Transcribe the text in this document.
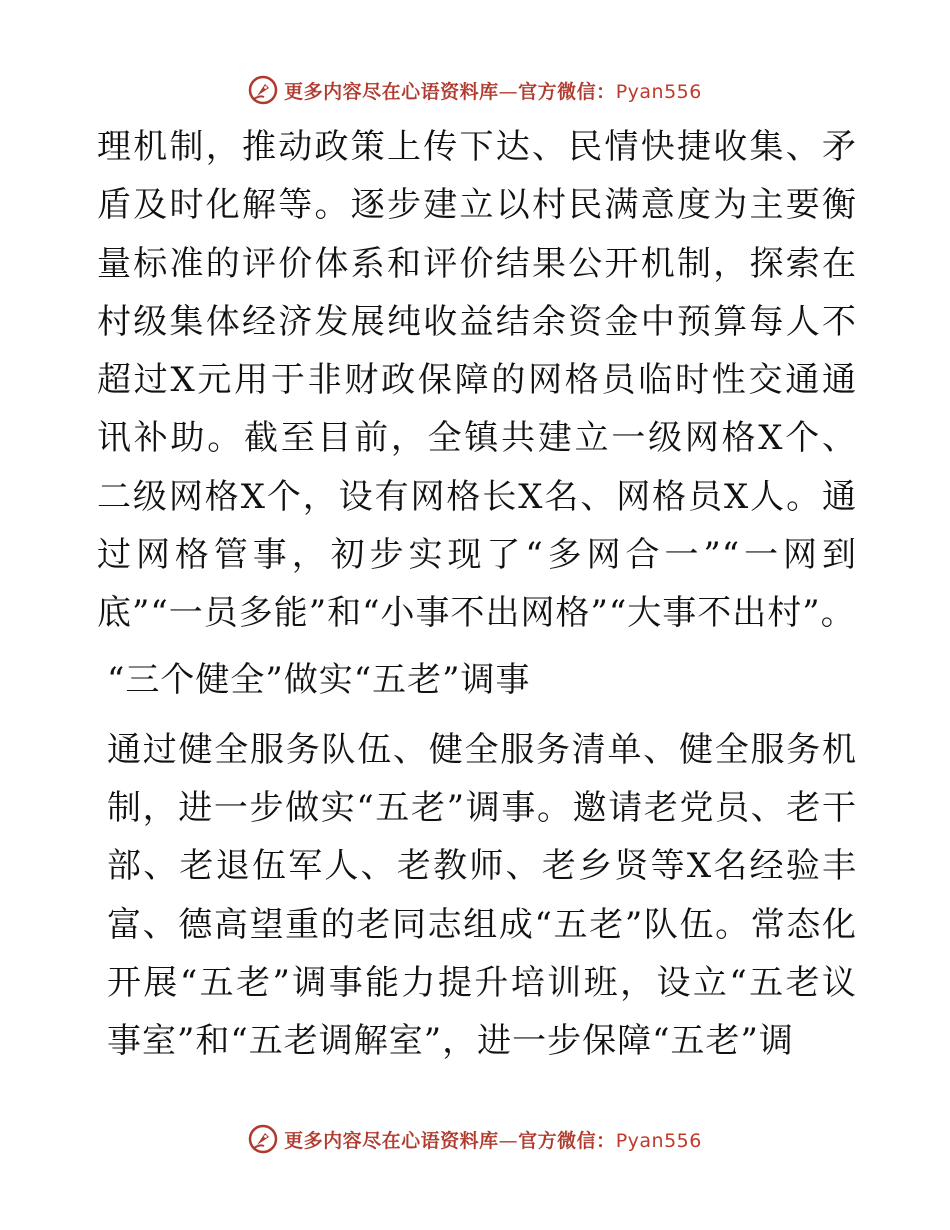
更多内容尽在心语资料库—官方微信：Pyan556

理机制，推动政策上传下达、民情快捷收集、矛盾及时化解等。逐步建立以村民满意度为主要衡量标准的评价体系和评价结果公开机制，探索在村级集体经济发展纯收益结余资金中预算每人不超过X元用于非财政保障的网格员临时性交通通讯补助。截至目前，全镇共建立一级网格X个、二级网格X个，设有网格长X名、网格员X人。通过网格管事，初步实现了“多网合一”“一网到底”“一员多能”和“小事不出网格”“大事不出村”。

“三个健全”做实“五老”调事

通过健全服务队伍、健全服务清单、健全服务机制，进一步做实“五老”调事。邀请老党员、老干部、老退伍军人、老教师、老乡贤等X名经验丰富、德高望重的老同志组成“五老”队伍。常态化开展“五老”调事能力提升培训班，设立“五老议事室”和“五老调解室”，进一步保障“五老”调

更多内容尽在心语资料库—官方微信：Pyan556
